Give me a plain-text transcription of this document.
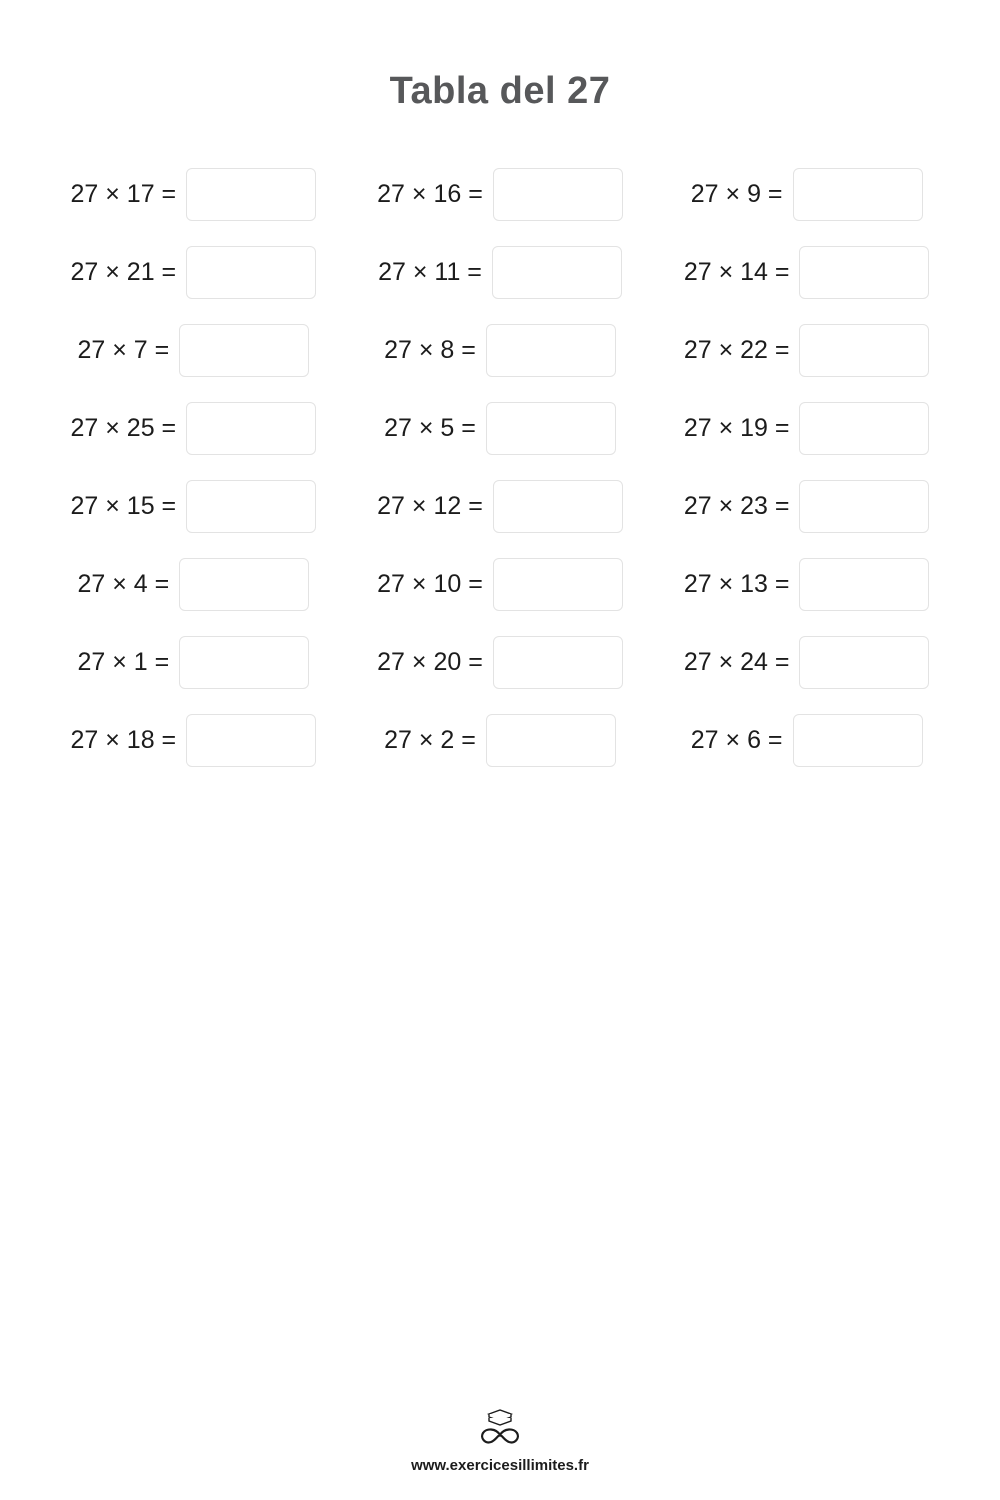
Tabla del 27
27 × 17 =	27 × 16 =	27 × 9 =
27 × 21 =	27 × 11 =	27 × 14 =
27 × 7 =	27 × 8 =	27 × 22 =
27 × 25 =	27 × 5 =	27 × 19 =
27 × 15 =	27 × 12 =	27 × 23 =
27 × 4 =	27 × 10 =	27 × 13 =
27 × 1 =	27 × 20 =	27 × 24 =
27 × 18 =	27 × 2 =	27 × 6 =
www.exercicesillimites.fr
